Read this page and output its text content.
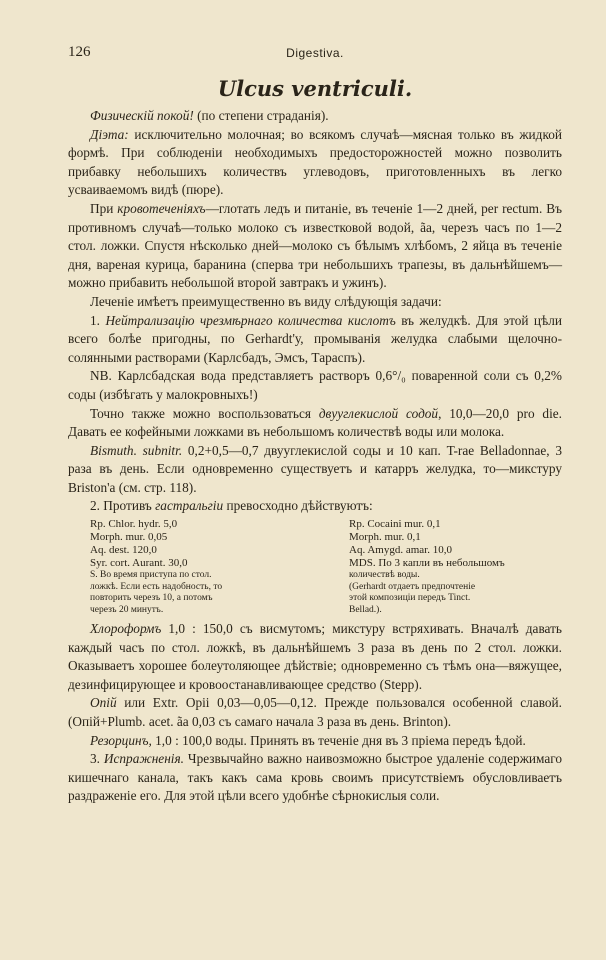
126	Digestiva.
Ulcus ventriculi.

Физическiй покой! (по степени страданiя).

Дiэта: исключительно молочная; во всякомъ случаѣ—мясная только въ жидкой формѣ. При соблюденiи необходимыхъ предосторожностей можно позволить прибавку небольшихъ количествъ углеводовъ, приготовленныхъ въ легко усваиваемомъ видѣ (пюре).

При кровотеченiяхъ—глотать ледъ и питанiе, въ теченiе 1—2 дней, per rectum. Въ противномъ случаѣ—только молоко съ известковой водой, ãa, черезъ часъ по 1—2 стол. ложки. Спустя нѣсколько дней—молоко съ бѣлымъ хлѣбомъ, 2 яйца въ теченiе дня, вареная курица, баранина (сперва три небольшихъ трапезы, въ дальнѣйшемъ—можно прибавить небольшой второй завтракъ и ужинъ).

Леченiе имѣетъ преимущественно въ виду слѣдующiя задачи:

1. Нейтрализацiю чрезмѣрнаго количества кислотъ въ желудкѣ. Для этой цѣли всего болѣе пригодны, по Gerhardt'у, промыванiя желудка слабыми щелочно-солянными растворами (Карлсбадъ, Эмсъ, Тараспъ).

NB. Карлсбадская вода представляетъ растворъ 0,6°/₀ поваренной соли съ 0,2% соды (избѣгать у малокровныхъ!)

Точно также можно воспользоваться двууглекислой содой, 10,0—20,0 pro die. Давать ее кофейными ложками въ небольшомъ количествѣ воды или молока.

Bismuth. subnitr. 0,2+0,5—0,7 двууглекислой соды и 10 кап. T-rae Belladonnae, 3 раза въ день. Если одновременно существуетъ и катарръ желудка, то—микстуру Briston'a (см. стр. 118).

2. Противъ гастральгiи превосходно дѣйствуютъ:

Rp. Chlor. hydr. 5,0
Morph. mur. 0,05
Aq. dest. 120,0
Syr. cort. Aurant. 30,0
S. Во время приступа по стол.
ложкѣ. Если есть надобность, то
повторить черезъ 10, а потомъ
черезъ 20 минутъ.
Rp. Cocaini mur. 0,1
Morph. mur. 0,1
Aq. Amygd. amar. 10,0
MDS. По 3 капли въ небольшомъ
количествѣ воды.
(Gerhardt отдаетъ предпочтенiе
этой композицiи передъ Tinct.
Bellad.).

Хлороформъ 1,0 : 150,0 съ висмутомъ; микстуру встряхивать. Вначалѣ давать каждый часъ по стол. ложкѣ, въ дальнѣйшемъ 3 раза въ день по 2 стол. ложки. Оказываетъ хорошее болеутоляющее дѣйствiе; одновременно съ тѣмъ она—вяжущее, дезинфицирующее и кровоостанавливающее средство (Stepp).

Опiй или Extr. Opii 0,03—0,05—0,12. Прежде пользовался особенной славой. (Опiй+Plumb. acet. ãa 0,03 съ самаго начала 3 раза въ день. Brinton).

Резорцинъ, 1,0 : 100,0 воды. Принять въ теченiе дня въ 3 прiема передъ ѣдой.

3. Испражненiя. Чрезвычайно важно наивозможно быстрое удаленiе содержимаго кишечнаго канала, такъ какъ сама кровь своимъ присутствiемъ обусловливаетъ раздраженiе его. Для этой цѣли всего удобнѣе сѣрнокислыя соли.
